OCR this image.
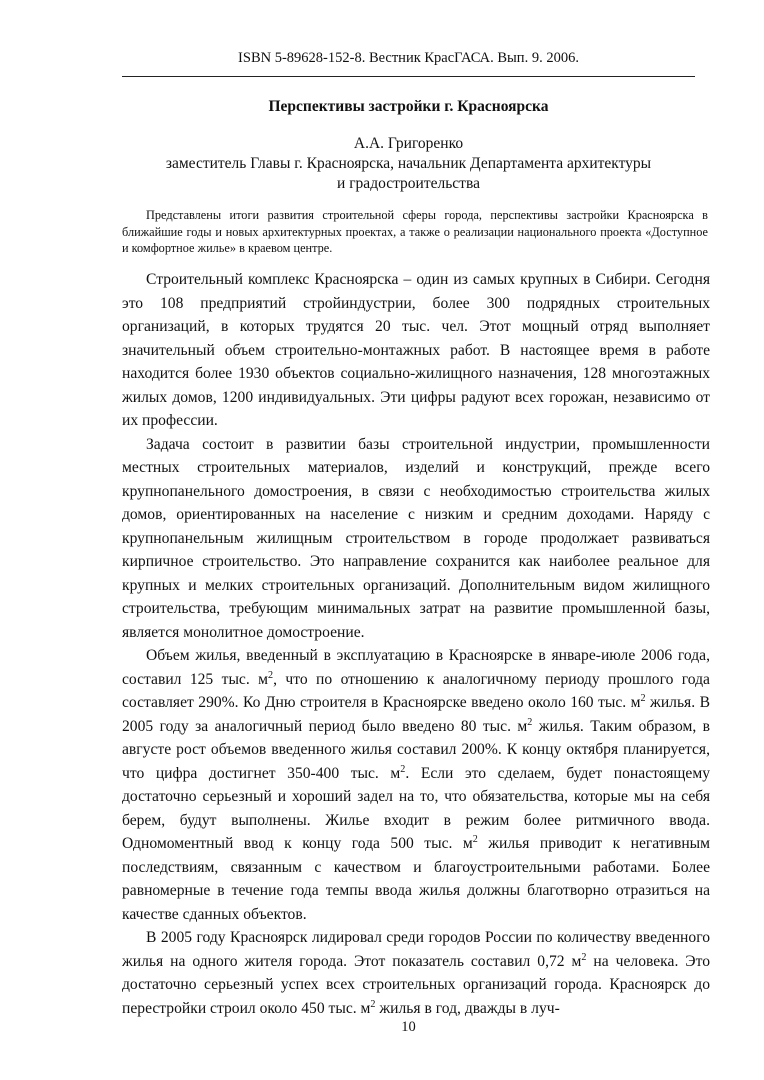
ISBN 5-89628-152-8. Вестник КрасГАСА. Вып. 9. 2006.
Перспективы застройки г. Красноярска
А.А. Григоренко
заместитель Главы г. Красноярска, начальник Департамента архитектуры
и градостроительства

Представлены итоги развития строительной сферы города, перспективы застройки Красноярска в ближайшие годы и новых архитектурных проектах, а также о реализации национального проекта «Доступное и комфортное жилье» в краевом центре.

Строительный комплекс Красноярска – один из самых крупных в Сибири. Сегодня это 108 предприятий стройиндустрии, более 300 подрядных строительных организаций, в которых трудятся 20 тыс. чел. Этот мощный отряд выполняет значительный объем строительно-монтажных работ. В настоящее время в работе находится более 1930 объектов социально-жилищного назначения, 128 многоэтажных жилых домов, 1200 индивидуальных. Эти цифры радуют всех горожан, независимо от их профессии.

Задача состоит в развитии базы строительной индустрии, промышленности местных строительных материалов, изделий и конструкций, прежде всего крупнопанельного домостроения, в связи с необходимостью строительства жилых домов, ориентированных на население с низким и средним доходами. Наряду с крупнопанельным жилищным строительством в городе продолжает развиваться кирпичное строительство. Это направление сохранится как наиболее реальное для крупных и мелких строительных организаций. Дополнительным видом жилищного строительства, требующим минимальных затрат на развитие промышленной базы, является монолитное домостроение.

Объем жилья, введенный в эксплуатацию в Красноярске в январе-июле 2006 года, составил 125 тыс. $м^2$, что по отношению к аналогичному периоду прошлого года составляет 290%. Ко Дню строителя в Красноярске введено около 160 тыс. $м^2$ жилья. В 2005 году за аналогичный период было введено 80 тыс. $м^2$ жилья. Таким образом, в августе рост объемов введенного жилья составил 200%. К концу октября планируется, что цифра достигнет 350-400 тыс. $м^2$. Если это сделаем, будет понастоящему достаточно серьезный и хороший задел на то, что обязательства, которые мы на себя берем, будут выполнены. Жилье входит в режим более ритмичного ввода. Одномоментный ввод к концу года 500 тыс. $м^2$ жилья приводит к негативным последствиям, связанным с качеством и благоустроительными работами. Более равномерные в течение года темпы ввода жилья должны благотворно отразиться на качестве сданных объектов.

В 2005 году Красноярск лидировал среди городов России по количеству введенного жилья на одного жителя города. Этот показатель составил 0,72 $м^2$ на человека. Это достаточно серьезный успех всех строительных организаций города. Красноярск до перестройки строил около 450 тыс. $м^2$ жилья в год, дважды в луч-

10
